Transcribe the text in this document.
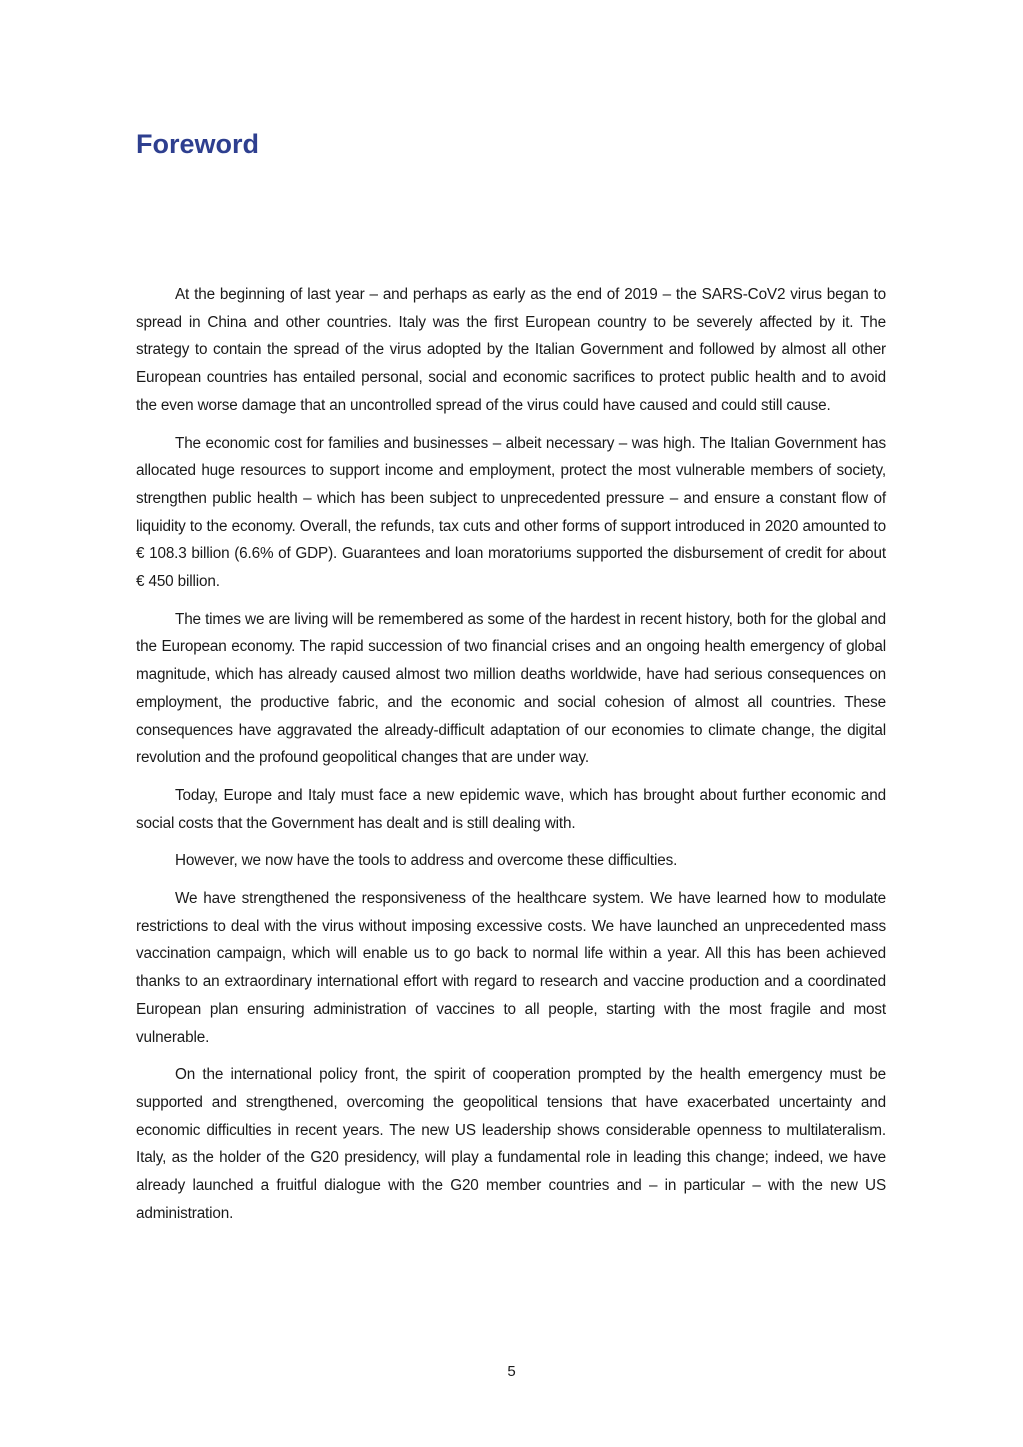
Foreword

At the beginning of last year – and perhaps as early as the end of 2019 – the SARS-CoV2 virus began to spread in China and other countries. Italy was the first European country to be severely affected by it. The strategy to contain the spread of the virus adopted by the Italian Government and followed by almost all other European countries has entailed personal, social and economic sacrifices to protect public health and to avoid the even worse damage that an uncontrolled spread of the virus could have caused and could still cause.

The economic cost for families and businesses – albeit necessary – was high. The Italian Government has allocated huge resources to support income and employment, protect the most vulnerable members of society, strengthen public health – which has been subject to unprecedented pressure – and ensure a constant flow of liquidity to the economy. Overall, the refunds, tax cuts and other forms of support introduced in 2020 amounted to € 108.3 billion (6.6% of GDP). Guarantees and loan moratoriums supported the disbursement of credit for about € 450 billion.

The times we are living will be remembered as some of the hardest in recent history, both for the global and the European economy. The rapid succession of two financial crises and an ongoing health emergency of global magnitude, which has already caused almost two million deaths worldwide, have had serious consequences on employment, the productive fabric, and the economic and social cohesion of almost all countries. These consequences have aggravated the already-difficult adaptation of our economies to climate change, the digital revolution and the profound geopolitical changes that are under way.

Today, Europe and Italy must face a new epidemic wave, which has brought about further economic and social costs that the Government has dealt and is still dealing with.

However, we now have the tools to address and overcome these difficulties.

We have strengthened the responsiveness of the healthcare system. We have learned how to modulate restrictions to deal with the virus without imposing excessive costs. We have launched an unprecedented mass vaccination campaign, which will enable us to go back to normal life within a year. All this has been achieved thanks to an extraordinary international effort with regard to research and vaccine production and a coordinated European plan ensuring administration of vaccines to all people, starting with the most fragile and most vulnerable.

On the international policy front, the spirit of cooperation prompted by the health emergency must be supported and strengthened, overcoming the geopolitical tensions that have exacerbated uncertainty and economic difficulties in recent years. The new US leadership shows considerable openness to multilateralism. Italy, as the holder of the G20 presidency, will play a fundamental role in leading this change; indeed, we have already launched a fruitful dialogue with the G20 member countries and – in particular – with the new US administration.

5
